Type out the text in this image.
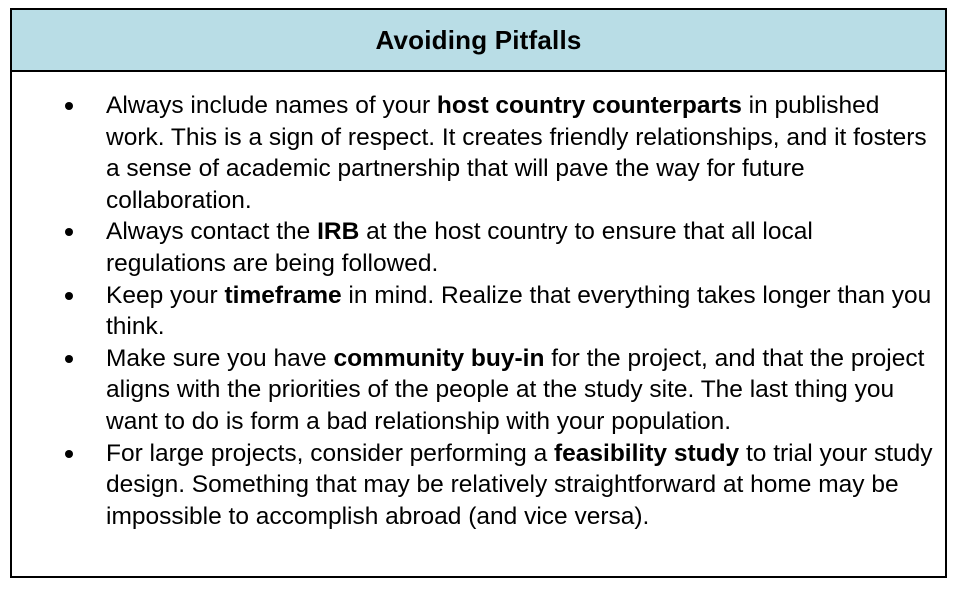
Avoiding Pitfalls
Always include names of your host country counterparts in published work. This is a sign of respect. It creates friendly relationships, and it fosters a sense of academic partnership that will pave the way for future collaboration.
Always contact the IRB at the host country to ensure that all local regulations are being followed.
Keep your timeframe in mind. Realize that everything takes longer than you think.
Make sure you have community buy-in for the project, and that the project aligns with the priorities of the people at the study site. The last thing you want to do is form a bad relationship with your population.
For large projects, consider performing a feasibility study to trial your study design. Something that may be relatively straightforward at home may be impossible to accomplish abroad (and vice versa).
